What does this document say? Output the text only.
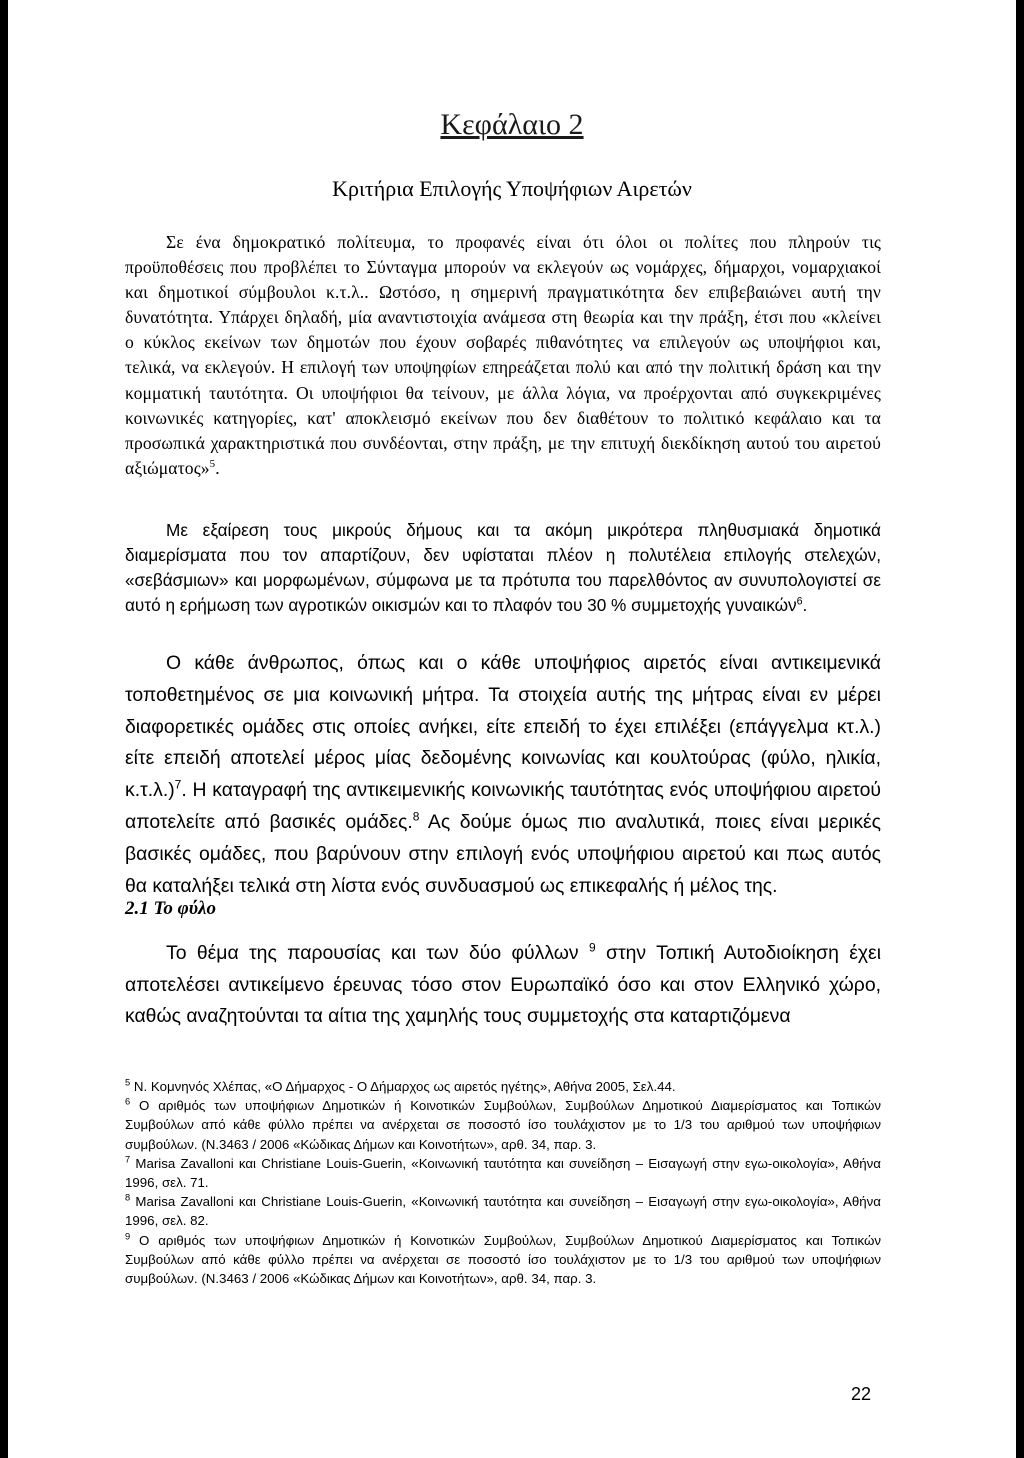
Κεφάλαιο 2
Κριτήρια Επιλογής Υποψήφιων Αιρετών

Σε ένα δημοκρατικό πολίτευμα, το προφανές είναι ότι όλοι οι πολίτες που πληρούν τις προϋποθέσεις που προβλέπει το Σύνταγμα μπορούν να εκλεγούν ως νομάρχες, δήμαρχοι, νομαρχιακοί και δημοτικοί σύμβουλοι κ.τ.λ.. Ωστόσο, η σημερινή πραγματικότητα δεν επιβεβαιώνει αυτή την δυνατότητα. Υπάρχει δηλαδή, μία αναντιστοιχία ανάμεσα στη θεωρία και την πράξη, έτσι που «κλείνει ο κύκλος εκείνων των δημοτών που έχουν σοβαρές πιθανότητες να επιλεγούν ως υποψήφιοι και, τελικά, να εκλεγούν. Η επιλογή των υποψηφίων επηρεάζεται πολύ και από την πολιτική δράση και την κομματική ταυτότητα. Οι υποψήφιοι θα τείνουν, με άλλα λόγια, να προέρχονται από συγκεκριμένες κοινωνικές κατηγορίες, κατ' αποκλεισμό εκείνων που δεν διαθέτουν το πολιτικό κεφάλαιο και τα προσωπικά χαρακτηριστικά που συνδέονται, στην πράξη, με την επιτυχή διεκδίκηση αυτού του αιρετού αξιώματος»$^5$.

Με εξαίρεση τους μικρούς δήμους και τα ακόμη μικρότερα πληθυσμιακά δημοτικά διαμερίσματα που τον απαρτίζουν, δεν υφίσταται πλέον η πολυτέλεια επιλογής στελεχών, «σεβάσμιων» και μορφωμένων, σύμφωνα με τα πρότυπα του παρελθόντος αν συνυπολογιστεί σε αυτό η ερήμωση των αγροτικών οικισμών και το πλαφόν του 30 % συμμετοχής γυναικών$^6$.

Ο κάθε άνθρωπος, όπως και ο κάθε υποψήφιος αιρετός είναι αντικειμενικά τοποθετημένος σε μια κοινωνική μήτρα. Τα στοιχεία αυτής της μήτρας είναι εν μέρει διαφορετικές ομάδες στις οποίες ανήκει, είτε επειδή το έχει επιλέξει (επάγγελμα κτ.λ.) είτε επειδή αποτελεί μέρος μίας δεδομένης κοινωνίας και κουλτούρας (φύλο, ηλικία, κ.τ.λ.)$^7$. Η καταγραφή της αντικειμενικής κοινωνικής ταυτότητας ενός υποψήφιου αιρετού αποτελείτε από βασικές ομάδες.$^8$ Ας δούμε όμως πιο αναλυτικά, ποιες είναι μερικές βασικές ομάδες, που βαρύνουν στην επιλογή ενός υποψήφιου αιρετού και πως αυτός θα καταλήξει τελικά στη λίστα ενός συνδυασμού ως επικεφαλής ή μέλος της.

2.1 Το φύλο

Το θέμα της παρουσίας και των δύο φύλλων $^9$ στην Τοπική Αυτοδιοίκηση έχει αποτελέσει αντικείμενο έρευνας τόσο στον Ευρωπαϊκό όσο και στον Ελληνικό χώρο, καθώς αναζητούνται τα αίτια της χαμηλής τους συμμετοχής στα καταρτιζόμενα

$^5$ Ν. Κομνηνός Χλέπας, «Ο Δήμαρχος - Ο Δήμαρχος ως αιρετός ηγέτης», Αθήνα 2005, Σελ.44.

$^6$ Ο αριθμός των υποψήφιων Δημοτικών ή Κοινοτικών Συμβούλων, Συμβούλων Δημοτικού Διαμερίσματος και Τοπικών Συμβούλων από κάθε φύλλο πρέπει να ανέρχεται σε ποσοστό ίσο τουλάχιστον με το 1/3 του αριθμού των υποψήφιων συμβούλων. (Ν.3463 / 2006 «Κώδικας Δήμων και Κοινοτήτων», αρθ. 34, παρ. 3.

$^7$ Marisa Zavalloni και Christiane Louis-Guerin, «Κοινωνική ταυτότητα και συνείδηση – Εισαγωγή στην εγω-οικολογία», Αθήνα 1996, σελ. 71.

$^8$ Marisa Zavalloni και Christiane Louis-Guerin, «Κοινωνική ταυτότητα και συνείδηση – Εισαγωγή στην εγω-οικολογία», Αθήνα 1996, σελ. 82.

$^9$ Ο αριθμός των υποψήφιων Δημοτικών ή Κοινοτικών Συμβούλων, Συμβούλων Δημοτικού Διαμερίσματος και Τοπικών Συμβούλων από κάθε φύλλο πρέπει να ανέρχεται σε ποσοστό ίσο τουλάχιστον με το 1/3 του αριθμού των υποψήφιων συμβούλων. (Ν.3463 / 2006 «Κώδικας Δήμων και Κοινοτήτων», αρθ. 34, παρ. 3.

22
